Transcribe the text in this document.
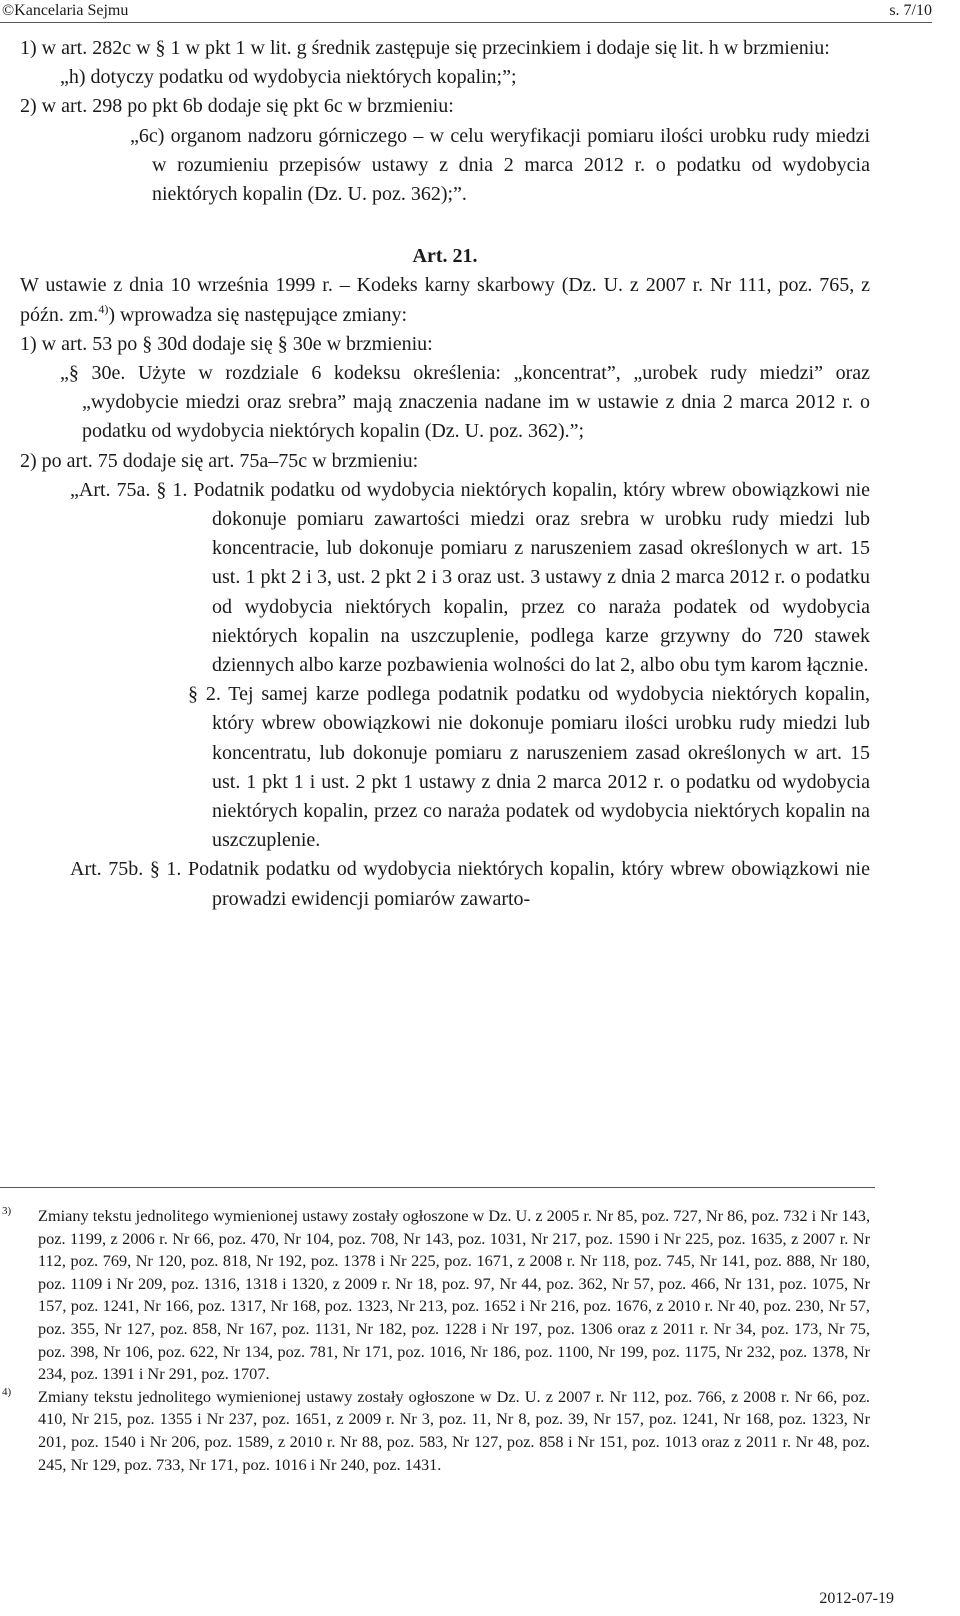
©Kancelaria Sejmu	s. 7/10

1) w art. 282c w § 1 w pkt 1 w lit. g średnik zastępuje się przecinkiem i dodaje się lit. h w brzmieniu:

„h) dotyczy podatku od wydobycia niektórych kopalin;”;

2) w art. 298 po pkt 6b dodaje się pkt 6c w brzmieniu:

„6c) organom nadzoru górniczego – w celu weryfikacji pomiaru ilości urobku rudy miedzi w rozumieniu przepisów ustawy z dnia 2 marca 2012 r. o podatku od wydobycia niektórych kopalin (Dz. U. poz. 362);”.

Art. 21.

W ustawie z dnia 10 września 1999 r. – Kodeks karny skarbowy (Dz. U. z 2007 r. Nr 111, poz. 765, z późn. zm.$^{4)}$) wprowadza się następujące zmiany:

1) w art. 53 po § 30d dodaje się § 30e w brzmieniu:

„§ 30e. Użyte w rozdziale 6 kodeksu określenia: „koncentrat”, „urobek rudy miedzi” oraz „wydobycie miedzi oraz srebra” mają znaczenia nadane im w ustawie z dnia 2 marca 2012 r. o podatku od wydobycia niektórych kopalin (Dz. U. poz. 362).”;

2) po art. 75 dodaje się art. 75a–75c w brzmieniu:

„Art. 75a. § 1. Podatnik podatku od wydobycia niektórych kopalin, który wbrew obowiązkowi nie dokonuje pomiaru zawartości miedzi oraz srebra w urobku rudy miedzi lub koncentracie, lub dokonuje pomiaru z naruszeniem zasad określonych w art. 15 ust. 1 pkt 2 i 3, ust. 2 pkt 2 i 3 oraz ust. 3 ustawy z dnia 2 marca 2012 r. o podatku od wydobycia niektórych kopalin, przez co naraża podatek od wydobycia niektórych kopalin na uszczuplenie, podlega karze grzywny do 720 stawek dziennych albo karze pozbawienia wolności do lat 2, albo obu tym karom łącznie.

§ 2. Tej samej karze podlega podatnik podatku od wydobycia niektórych kopalin, który wbrew obowiązkowi nie dokonuje pomiaru ilości urobku rudy miedzi lub koncentratu, lub dokonuje pomiaru z naruszeniem zasad określonych w art. 15 ust. 1 pkt 1 i ust. 2 pkt 1 ustawy z dnia 2 marca 2012 r. o podatku od wydobycia niektórych kopalin, przez co naraża podatek od wydobycia niektórych kopalin na uszczuplenie.

Art. 75b. § 1. Podatnik podatku od wydobycia niektórych kopalin, który wbrew obowiązkowi nie prowadzi ewidencji pomiarów zawarto-

3) Zmiany tekstu jednolitego wymienionej ustawy zostały ogłoszone w Dz. U. z 2005 r. Nr 85, poz. 727, Nr 86, poz. 732 i Nr 143, poz. 1199, z 2006 r. Nr 66, poz. 470, Nr 104, poz. 708, Nr 143, poz. 1031, Nr 217, poz. 1590 i Nr 225, poz. 1635, z 2007 r. Nr 112, poz. 769, Nr 120, poz. 818, Nr 192, poz. 1378 i Nr 225, poz. 1671, z 2008 r. Nr 118, poz. 745, Nr 141, poz. 888, Nr 180, poz. 1109 i Nr 209, poz. 1316, 1318 i 1320, z 2009 r. Nr 18, poz. 97, Nr 44, poz. 362, Nr 57, poz. 466, Nr 131, poz. 1075, Nr 157, poz. 1241, Nr 166, poz. 1317, Nr 168, poz. 1323, Nr 213, poz. 1652 i Nr 216, poz. 1676, z 2010 r. Nr 40, poz. 230, Nr 57, poz. 355, Nr 127, poz. 858, Nr 167, poz. 1131, Nr 182, poz. 1228 i Nr 197, poz. 1306 oraz z 2011 r. Nr 34, poz. 173, Nr 75, poz. 398, Nr 106, poz. 622, Nr 134, poz. 781, Nr 171, poz. 1016, Nr 186, poz. 1100, Nr 199, poz. 1175, Nr 232, poz. 1378, Nr 234, poz. 1391 i Nr 291, poz. 1707.

4) Zmiany tekstu jednolitego wymienionej ustawy zostały ogłoszone w Dz. U. z 2007 r. Nr 112, poz. 766, z 2008 r. Nr 66, poz. 410, Nr 215, poz. 1355 i Nr 237, poz. 1651, z 2009 r. Nr 3, poz. 11, Nr 8, poz. 39, Nr 157, poz. 1241, Nr 168, poz. 1323, Nr 201, poz. 1540 i Nr 206, poz. 1589, z 2010 r. Nr 88, poz. 583, Nr 127, poz. 858 i Nr 151, poz. 1013 oraz z 2011 r. Nr 48, poz. 245, Nr 129, poz. 733, Nr 171, poz. 1016 i Nr 240, poz. 1431.

2012-07-19
